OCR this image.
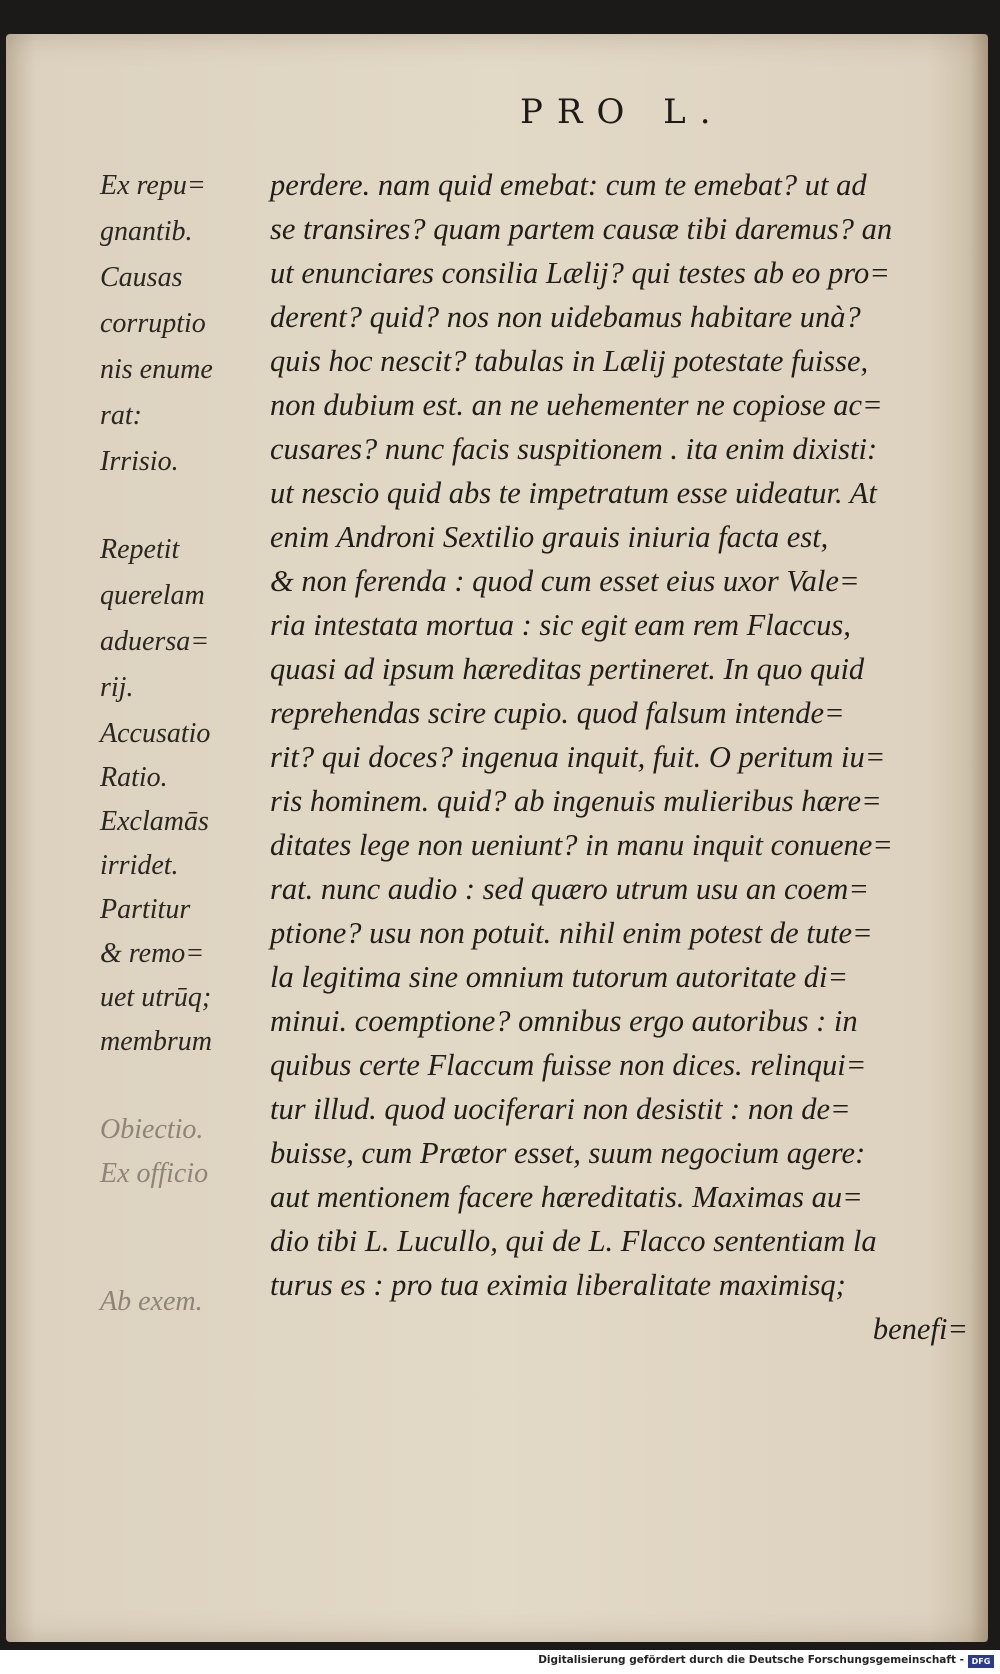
PRO L.
Ex repu=
gnantib.
Causas
corruptio
nis enume
rat:
Irrisio.
Repetit
querelam
aduersa=
rij.
Accusatio
Ratio.
Exclamās
irridet.
Partitur
& remo=
uet utrūq;
membrum
Obiectio.
Ex officio
Ab exem.
perdere. nam quid emebat: cum te emebat? ut ad
se transires? quam partem causæ tibi daremus? an
ut enunciares consilia Lælij? qui testes ab eo pro=
derent? quid? nos non uidebamus habitare unà?
quis hoc nescit? tabulas in Lælij potestate fuisse,
non dubium est. an ne uehementer ne copiose ac=
cusares? nunc facis suspitionem . ita enim dixisti:
ut nescio quid abs te impetratum esse uideatur. At
enim Androni Sextilio grauis iniuria facta est,
& non ferenda : quod cum esset eius uxor Vale=
ria intestata mortua : sic egit eam rem Flaccus,
quasi ad ipsum hæreditas pertineret. In quo quid
reprehendas scire cupio. quod falsum intende=
rit? qui doces? ingenua inquit, fuit. O peritum iu=
ris hominem. quid? ab ingenuis mulieribus hære=
ditates lege non ueniunt? in manu inquit conuene=
rat. nunc audio : sed quæro utrum usu an coem=
ptione? usu non potuit. nihil enim potest de tute=
la legitima sine omnium tutorum autoritate di=
minui. coemptione? omnibus ergo autoribus : in
quibus certe Flaccum fuisse non dices. relinqui=
tur illud. quod uociferari non desistit : non de=
buisse, cum Prætor esset, suum negocium agere:
aut mentionem facere hæreditatis. Maximas au=
dio tibi L. Lucullo, qui de L. Flacco sententiam la
turus es : pro tua eximia liberalitate maximisq;
benefi=
Digitalisierung gefördert durch die Deutsche Forschungsgemeinschaft - DFG
